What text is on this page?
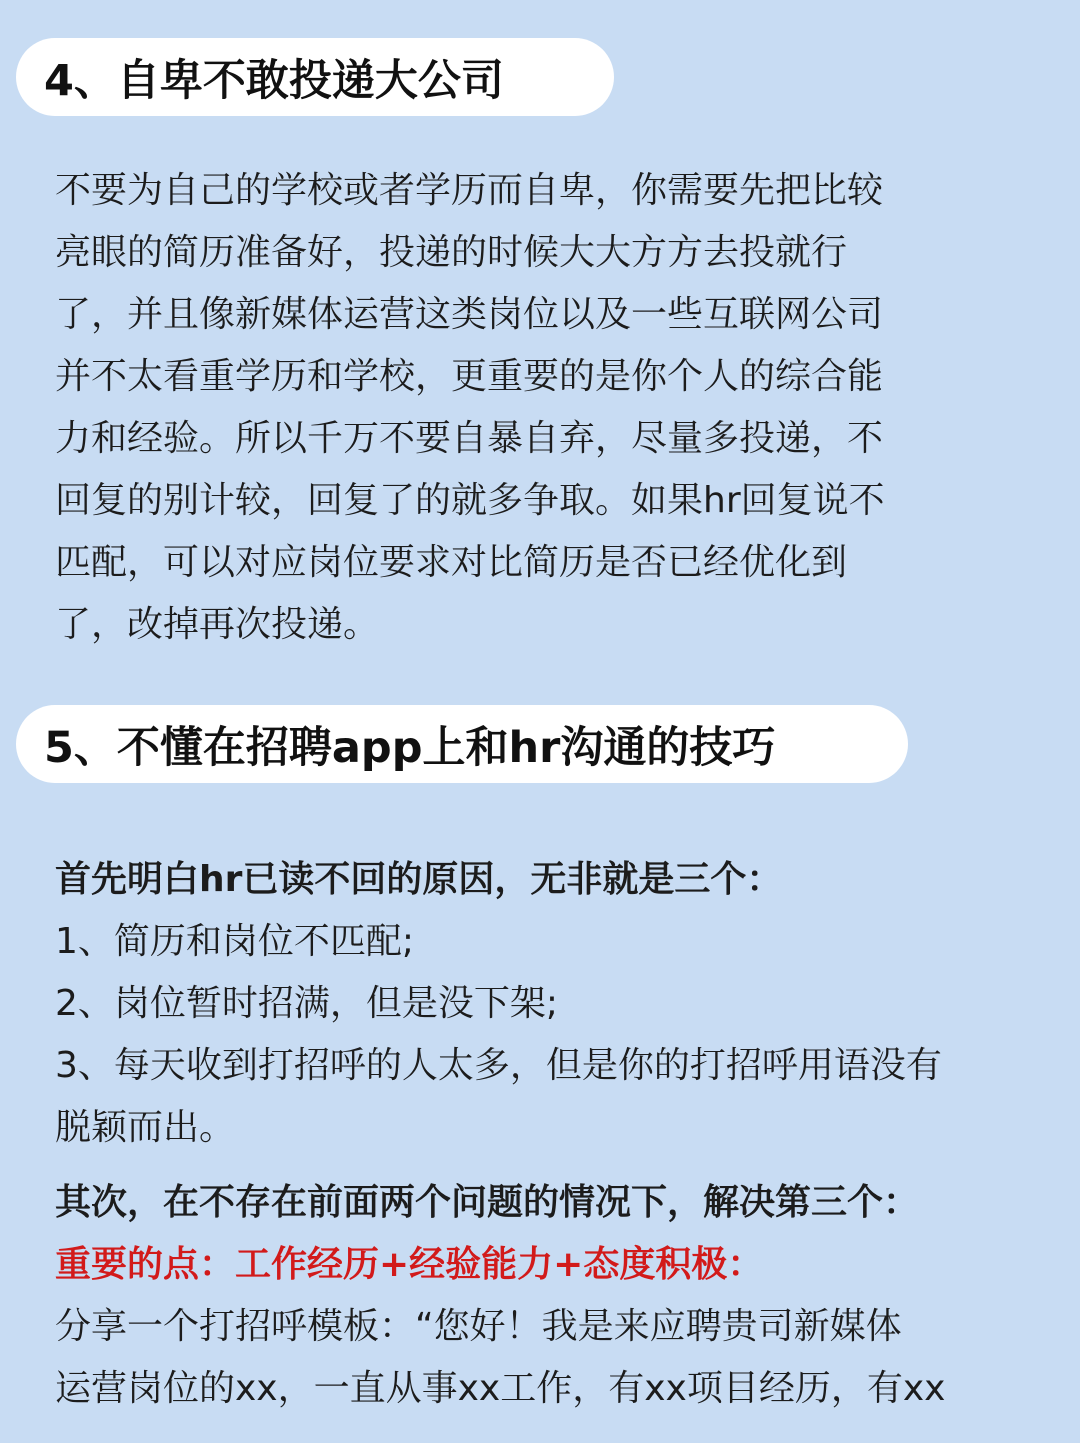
4、自卑不敢投递大公司
不要为自己的学校或者学历而自卑，你需要先把比较
亮眼的简历准备好，投递的时候大大方方去投就行
了，并且像新媒体运营这类岗位以及一些互联网公司
并不太看重学历和学校，更重要的是你个人的综合能
力和经验。所以千万不要自暴自弃，尽量多投递，不
回复的别计较，回复了的就多争取。如果hr回复说不
匹配，可以对应岗位要求对比简历是否已经优化到
了，改掉再次投递。
5、不懂在招聘app上和hr沟通的技巧
首先明白hr已读不回的原因，无非就是三个：
1、简历和岗位不匹配;
2、岗位暂时招满，但是没下架;
3、每天收到打招呼的人太多，但是你的打招呼用语没有
脱颖而出。
其次，在不存在前面两个问题的情况下，解决第三个：
重要的点：工作经历+经验能力+态度积极：
分享一个打招呼模板：“您好！我是来应聘贵司新媒体
运营岗位的xx，一直从事xx工作，有xx项目经历，有xx
